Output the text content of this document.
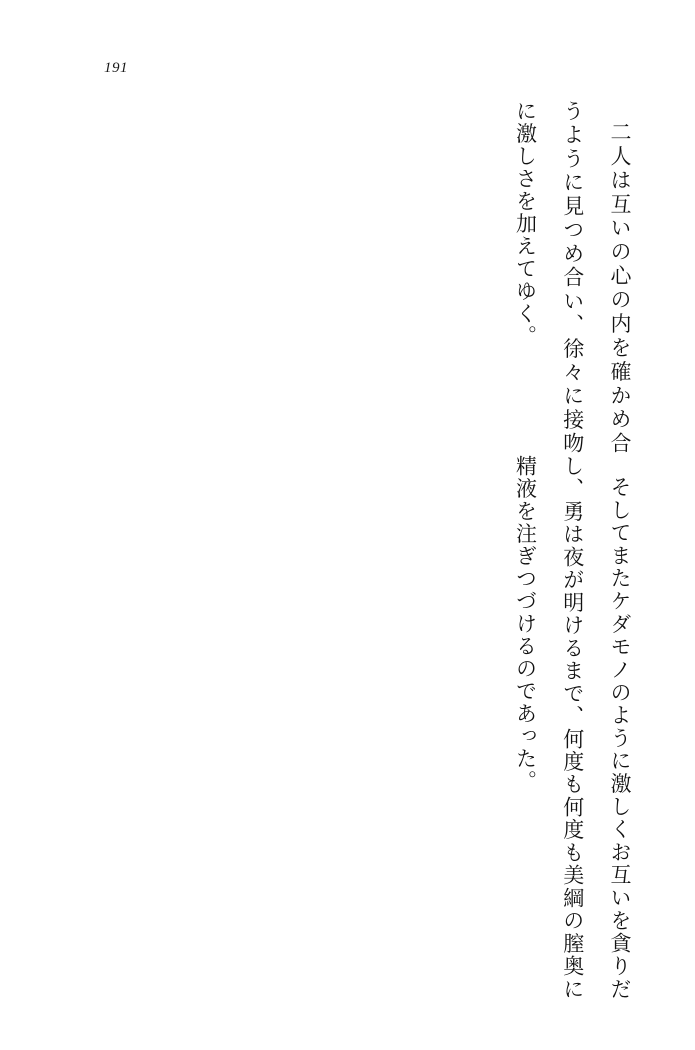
191

二人は互いの心の内を確かめ合うように見つめ合い、徐々に接吻に激しさを加えてゆく。

そしてまたケダモノのように激しくお互いを貪りだし、勇は夜が明けるまで、何度も何度も美綱の膣奥に精液を注ぎつづけるのであった。
